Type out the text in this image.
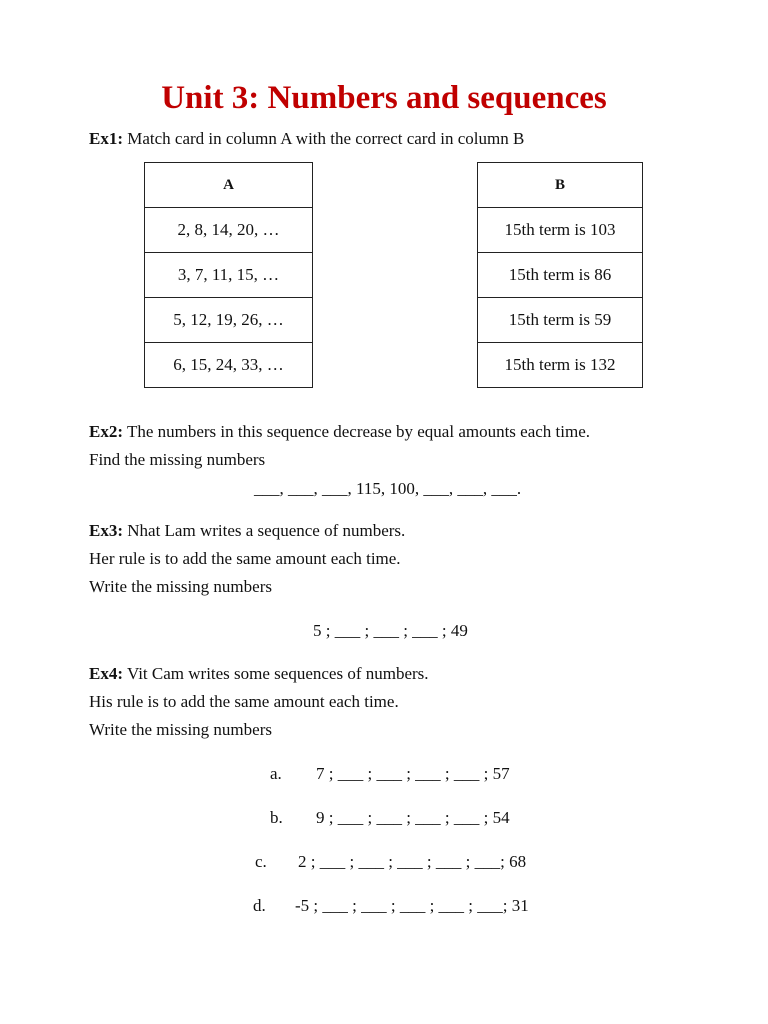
Unit 3: Numbers and sequences
Ex1: Match card in column A with the correct card in column B
A
2, 8, 14, 20, …
3, 7, 11, 15, …
5, 12, 19, 26, …
6, 15, 24, 33, …
B
15th term is 103
15th term is 86
15th term is 59
15th term is 132
Ex2: The numbers in this sequence decrease by equal amounts each time.
Find the missing numbers
___, ___, ___, 115, 100, ___, ___, ___.
Ex3: Nhat Lam writes a sequence of numbers.
Her rule is to add the same amount each time.
Write the missing numbers
5 ; ___ ; ___ ; ___ ; 49
Ex4: Vit Cam writes some sequences of numbers.
His rule is to add the same amount each time.
Write the missing numbers
a. 7 ; ___ ; ___ ; ___ ; ___ ; 57
b. 9 ; ___ ; ___ ; ___ ; ___ ; 54
c. 2 ; ___ ; ___ ; ___ ; ___ ; ___; 68
d. -5 ; ___ ; ___ ; ___ ; ___ ; ___; 31
